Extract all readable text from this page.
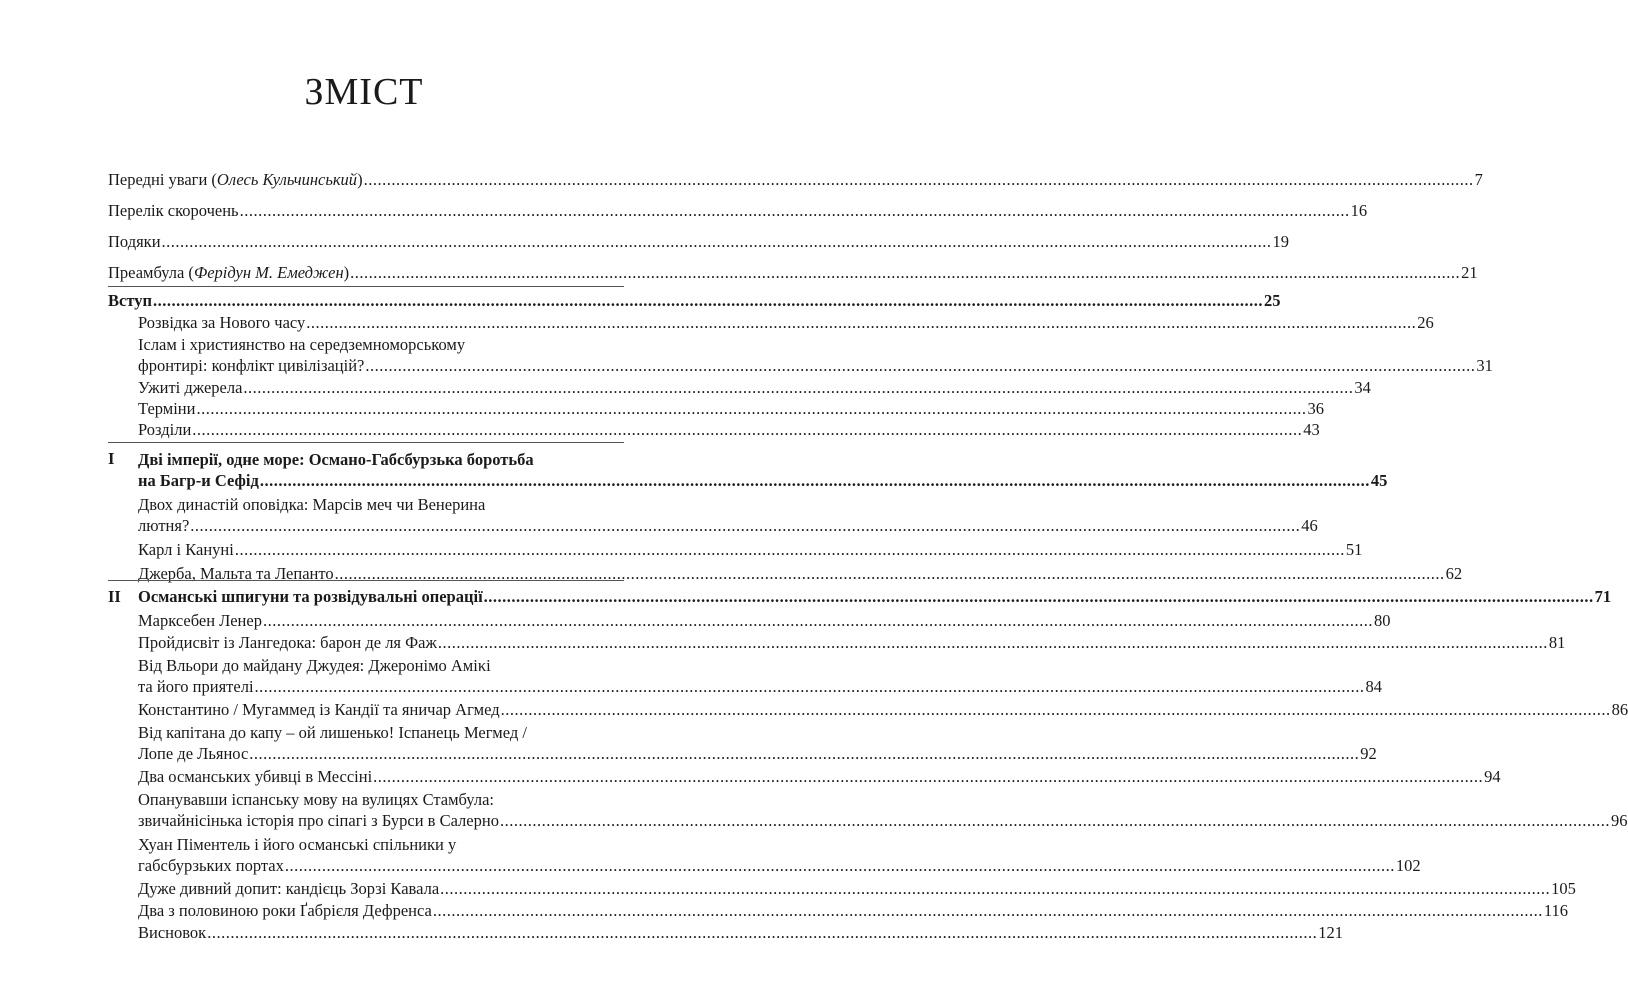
ЗМІСТ
Передні уваги ( Олесь Кульчинський ) .....	7
Перелік скорочень .....	16
Подяки .....	19
Преамбула ( Ферідун М. Емеджен ) .....	21
Вступ .....	25
Розвідка за Нового часу .....	26
Іслам і християнство на середземноморському
фронтирі: конфлікт цивілізацій? .....	31
Ужиті джерела .....	34
Терміни .....	36
Розділи .....	43
I	Дві імперії, одне море: Османо-Габсбурзька боротьба
на Багр-и Сефід .....	45
Двох династій оповідка: Марсів меч чи Венерина
лютня? .....	46
Карл і Кануні .....	51
Джерба, Мальта та Лепанто .....	62
II	Османські шпигуни та розвідувальні операції .....	71
Марксебен Ленер .....	80
Пройдисвіт із Лангедока: барон де ля Фаж .....	81
Від Вльори до майдану Джудея: Джеронімо Аміκі
та його приятелі .....	84
Константино / Мугаммед із Кандії та яничар Агмед .....	86
Від капітана до капу – ой лишенько! Іспанець Мегмед /
Лопе де Льянос .....	92
Два османських убивці в Мессіні .....	94
Опанувавши іспанську мову на вулицях Стамбула:
звичайнісінька історія про сіпагі з Бурси в Салерно .....	96
Хуан Піментель і його османські спільники у
габсбурзьких портах .....	102
Дуже дивний допит: кандієць Зорзі Кавала .....	105
Два з половиною роки Ґабрієля Дефренса .....	116
Висновок .....	121
